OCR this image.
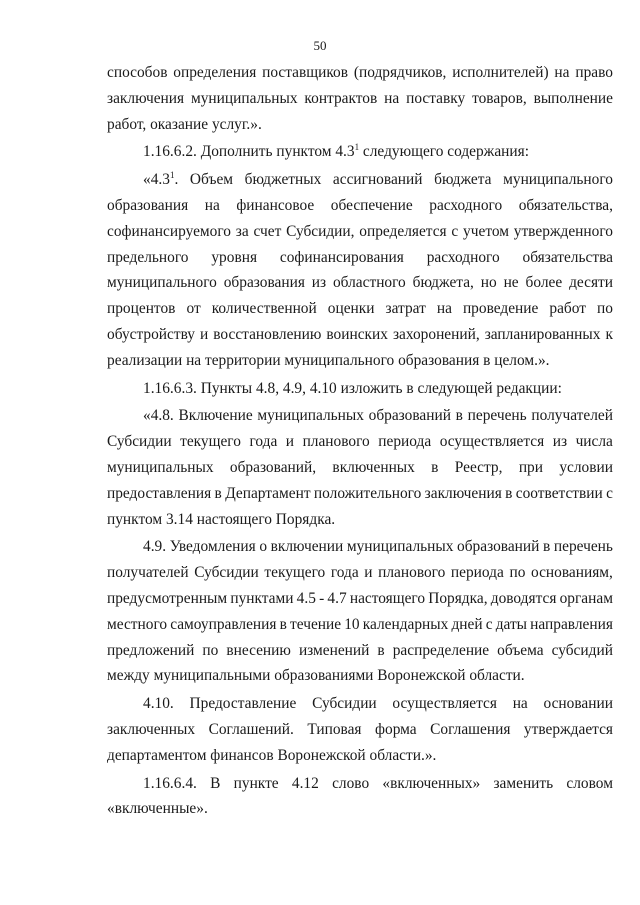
50
способов определения поставщиков (подрядчиков, исполнителей) на право
заключения муниципальных контрактов на поставку товаров, выполнение
работ, оказание услуг.».
1.16.6.2. Дополнить пунктом $4.3^1$ следующего содержания:
«$4.3^1$. Объем бюджетных ассигнований бюджета муниципального
образования на финансовое обеспечение расходного обязательства,
софинансируемого за счет Субсидии, определяется с учетом утвержденного
предельного уровня софинансирования расходного обязательства
муниципального образования из областного бюджета, но не более десяти
процентов от количественной оценки затрат на проведение работ по
обустройству и восстановлению воинских захоронений, запланированных к
реализации на территории муниципального образования в целом.».
1.16.6.3. Пункты 4.8, 4.9, 4.10 изложить в следующей редакции:
«4.8. Включение муниципальных образований в перечень получателей
Субсидии текущего года и планового периода осуществляется из числа
муниципальных образований, включенных в Реестр, при условии
предоставления в Департамент положительного заключения в соответствии с
пунктом 3.14 настоящего Порядка.
4.9. Уведомления о включении муниципальных образований в перечень
получателей Субсидии текущего года и планового периода по основаниям,
предусмотренным пунктами 4.5 - 4.7 настоящего Порядка, доводятся органам
местного самоуправления в течение 10 календарных дней с даты направления
предложений по внесению изменений в распределение объема субсидий
между муниципальными образованиями Воронежской области.
4.10. Предоставление Субсидии осуществляется на основании
заключенных Соглашений. Типовая форма Соглашения утверждается
департаментом финансов Воронежской области.».
1.16.6.4. В пункте 4.12 слово «включенных» заменить словом
«включенные».
